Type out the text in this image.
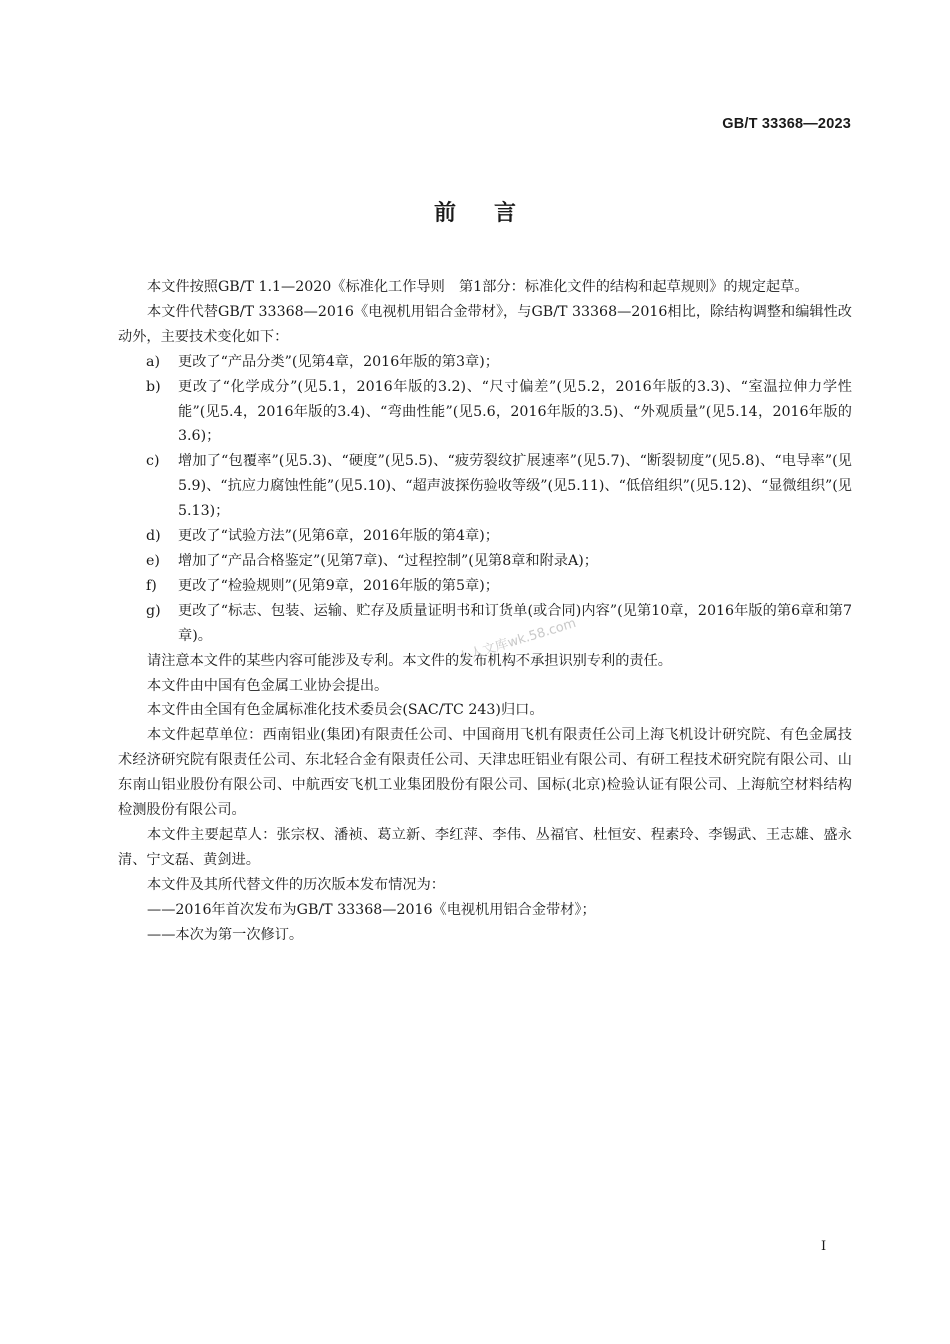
GB/T 33368—2023
前言

本文件按照GB/T 1.1—2020《标准化工作导则　第1部分：标准化文件的结构和起草规则》的规定起草。

本文件代替GB/T 33368—2016《电视机用铝合金带材》，与GB/T 33368—2016相比，除结构调整和编辑性改动外，主要技术变化如下：

a) 更改了“产品分类”(见第4章，2016年版的第3章)；

b) 更改了“化学成分”(见5.1，2016年版的3.2)、“尺寸偏差”(见5.2，2016年版的3.3)、“室温拉伸力学性能”(见5.4，2016年版的3.4)、“弯曲性能”(见5.6，2016年版的3.5)、“外观质量”(见5.14，2016年版的3.6)；

c) 增加了“包覆率”(见5.3)、“硬度”(见5.5)、“疲劳裂纹扩展速率”(见5.7)、“断裂韧度”(见5.8)、“电导率”(见5.9)、“抗应力腐蚀性能”(见5.10)、“超声波探伤验收等级”(见5.11)、“低倍组织”(见5.12)、“显微组织”(见5.13)；

d) 更改了“试验方法”(见第6章，2016年版的第4章)；

e) 增加了“产品合格鉴定”(见第7章)、“过程控制”(见第8章和附录A)；

f) 更改了“检验规则”(见第9章，2016年版的第5章)；

g) 更改了“标志、包装、运输、贮存及质量证明书和订货单(或合同)内容”(见第10章，2016年版的第6章和第7章)。

请注意本文件的某些内容可能涉及专利。本文件的发布机构不承担识别专利的责任。

本文件由中国有色金属工业协会提出。

本文件由全国有色金属标准化技术委员会(SAC/TC 243)归口。

本文件起草单位：西南铝业(集团)有限责任公司、中国商用飞机有限责任公司上海飞机设计研究院、有色金属技术经济研究院有限责任公司、东北轻合金有限责任公司、天津忠旺铝业有限公司、有研工程技术研究院有限公司、山东南山铝业股份有限公司、中航西安飞机工业集团股份有限公司、国标(北京)检验认证有限公司、上海航空材料结构检测股份有限公司。

本文件主要起草人：张宗权、潘祯、葛立新、李红萍、李伟、丛福官、杜恒安、程素玲、李锡武、王志雄、盛永清、宁文磊、黄剑进。

本文件及其所代替文件的历次版本发布情况为：

——2016年首次发布为GB/T 33368—2016《电视机用铝合金带材》；

——本次为第一次修订。

人人文库wk.58.com
I
